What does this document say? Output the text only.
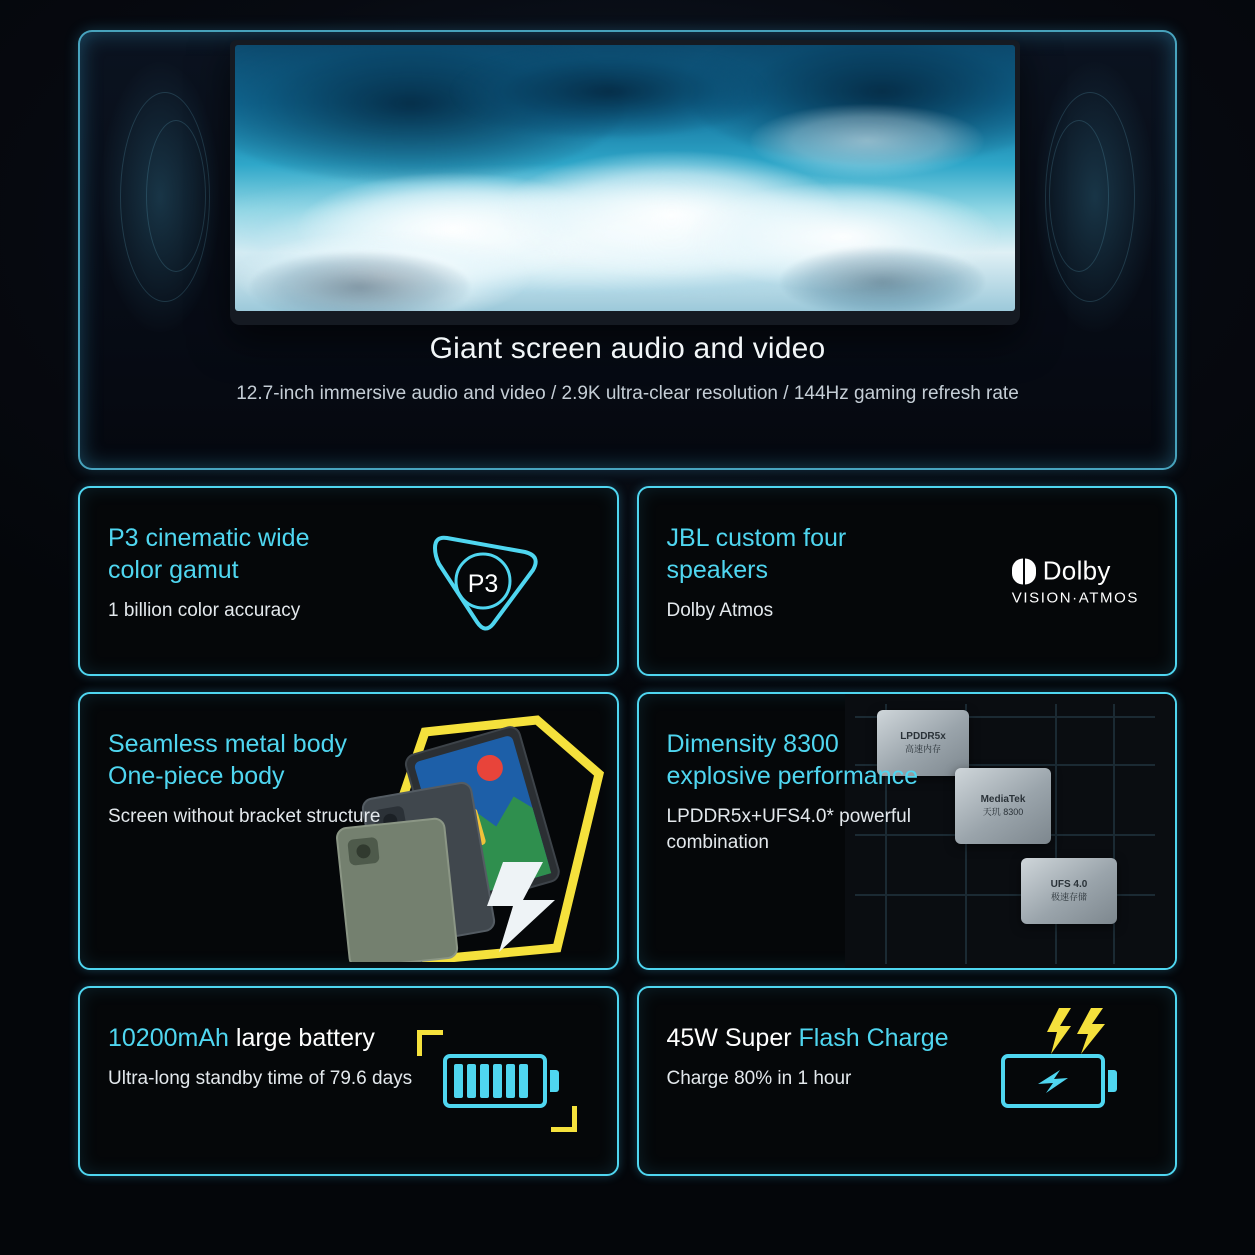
Giant screen audio and video
12.7-inch immersive audio and video / 2.9K ultra-clear resolution / 144Hz gaming refresh rate
P3 cinematic wide
color gamut
1 billion color accuracy
P3
JBL custom four
speakers
Dolby Atmos
Dolby
VISION·ATMOS
Seamless metal body
One-piece body
Screen without bracket structure
LPDDR5x
高速内存
MediaTek
天玑 8300
UFS 4.0
极速存储
Dimensity 8300
explosive performance
LPDDR5x+UFS4.0* powerful combination
10200mAh large battery
Ultra-long standby time of 79.6 days
45W Super Flash Charge
Charge 80% in 1 hour
